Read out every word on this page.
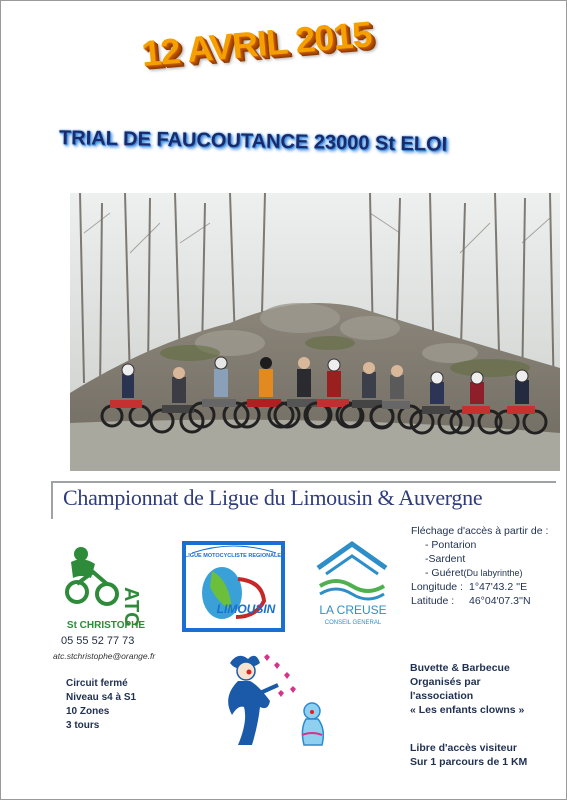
12 AVRIL 2015
TRIAL DE FAUCOUTANCE 23000 St ELOI
Championnat de Ligue du Limousin & Auvergne
Fléchage d'accès à partir de :
- Pontarion
-Sardent
- Guéret(Du labyrinthe)
Longitude : 1°47'43.2 ''E
Latitude :	46°04'07.3''N
ATC
St CHRISTOPHE
LIGUE MOTOCYCLISTE REGIONALE
LIMOUSIN	LA CREUSE
CONSEIL GENERAL
05 55 52 77 73
atc.stchristophe@orange.fr
Circuit fermé
Niveau s4 à S1
10 Zones
3 tours
Buvette & Barbecue
Organisés par
l'association
« Les enfants clowns »
Libre d'accès visiteur
Sur 1 parcours de 1 KM
